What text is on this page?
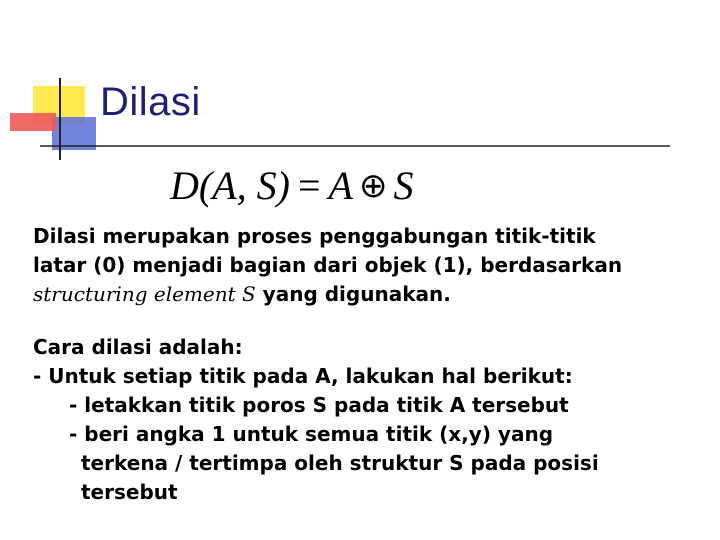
Dilasi
D(A, S) = A ⊕ S
Dilasi merupakan proses penggabungan titik-titik
latar (0) menjadi bagian dari objek (1), berdasarkan
structuring element S yang digunakan.
Cara dilasi adalah:
- Untuk setiap titik pada A, lakukan hal berikut:
- letakkan titik poros S pada titik A tersebut
- beri angka 1 untuk semua titik (x,y) yang
terkena / tertimpa oleh struktur S pada posisi
tersebut
